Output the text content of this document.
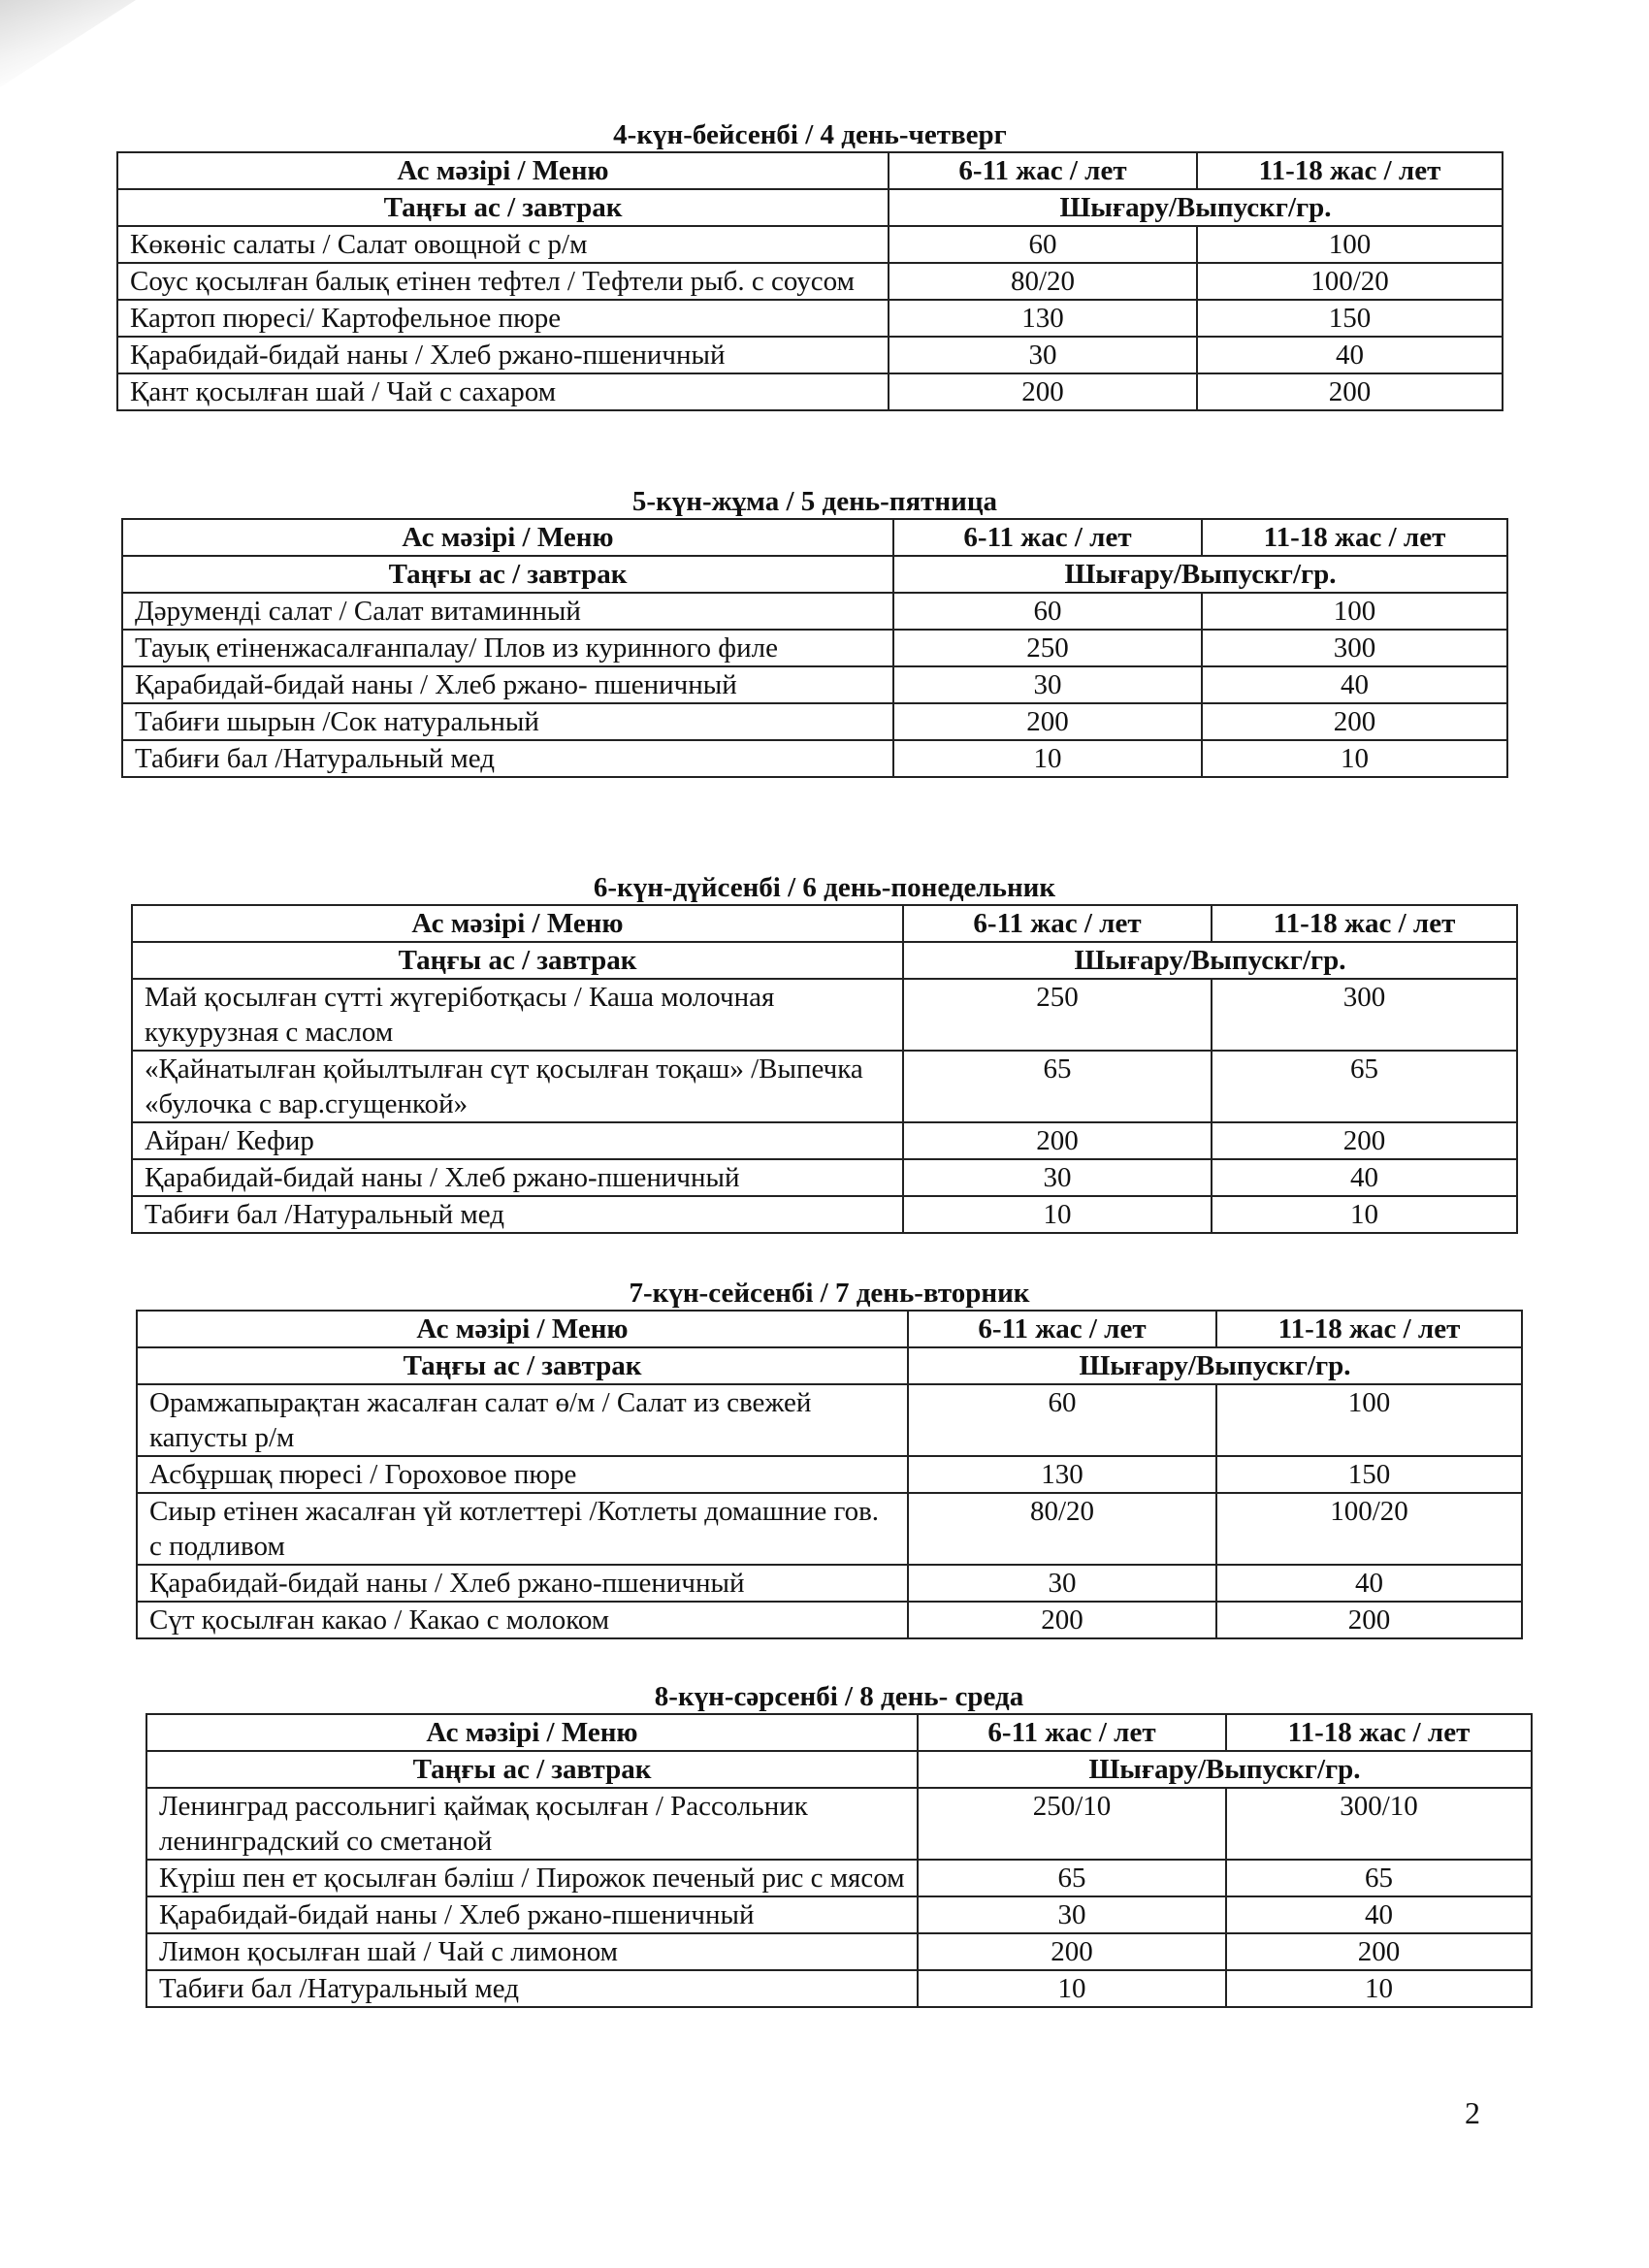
4-күн-бейсенбі / 4 день-четверг
Ас мәзірі / Меню	6-11 жас / лет	11-18 жас / лет
Таңғы ас / завтрак	Шығару/Выпускг/гр.	
Көкөніс салаты / Салат овощной с р/м	60	100
Соус қосылған балық етінен тефтел / Тефтели рыб. с соусом	80/20	100/20
Картоп пюресі/ Картофельное пюре	130	150
Қарабидай-бидай наны / Хлеб ржано-пшеничный	30	40
Қант қосылған шай / Чай с сахаром	200	200
5-күн-жұма / 5 день-пятница
Ас мәзірі / Меню	6-11 жас / лет	11-18 жас / лет
Таңғы ас / завтрак	Шығару/Выпускг/гр.	
Дәруменді салат / Салат витаминный	60	100
Тауық етіненжасалғанпалау/ Плов из куринного филе	250	300
Қарабидай-бидай наны / Хлеб ржано- пшеничный	30	40
Табиғи шырын /Сок натуральный	200	200
Табиғи бал /Натуральный мед	10	10
6-күн-дүйсенбі / 6 день-понедельник
Ас мәзірі / Меню	6-11 жас / лет	11-18 жас / лет
Таңғы ас / завтрак	Шығару/Выпускг/гр.	
Май қосылған сүтті жүгеріботқасы / Каша молочная кукурузная с маслом	250	300
«Қайнатылған қойылтылған сүт қосылған тоқаш» /Выпечка «булочка с вар.сгущенкой»	65	65
Айран/ Кефир	200	200
Қарабидай-бидай наны / Хлеб ржано-пшеничный	30	40
Табиғи бал /Натуральный мед	10	10
7-күн-сейсенбі / 7 день-вторник
Ас мәзірі / Меню	6-11 жас / лет	11-18 жас / лет
Таңғы ас / завтрак	Шығару/Выпускг/гр.	
Орамжапырақтан жасалған салат ө/м / Салат из свежей капусты р/м	60	100
Асбұршақ пюресі / Гороховое пюре	130	150
Сиыр етінен жасалған үй котлеттері /Котлеты домашние гов. с подливом	80/20	100/20
Қарабидай-бидай наны / Хлеб ржано-пшеничный	30	40
Сүт қосылған какао / Какао с молоком	200	200
8-күн-сәрсенбі / 8 день- среда
Ас мәзірі / Меню	6-11 жас / лет	11-18 жас / лет
Таңғы ас / завтрак	Шығару/Выпускг/гр.	
Ленинград рассольнигі қаймақ қосылған / Рассольник ленинградский со сметаной	250/10	300/10
Күріш пен ет қосылған бәліш / Пирожок печеный рис с мясом	65	65
Қарабидай-бидай наны / Хлеб ржано-пшеничный	30	40
Лимон қосылған шай / Чай с лимоном	200	200
Табиғи бал /Натуральный мед	10	10
2
